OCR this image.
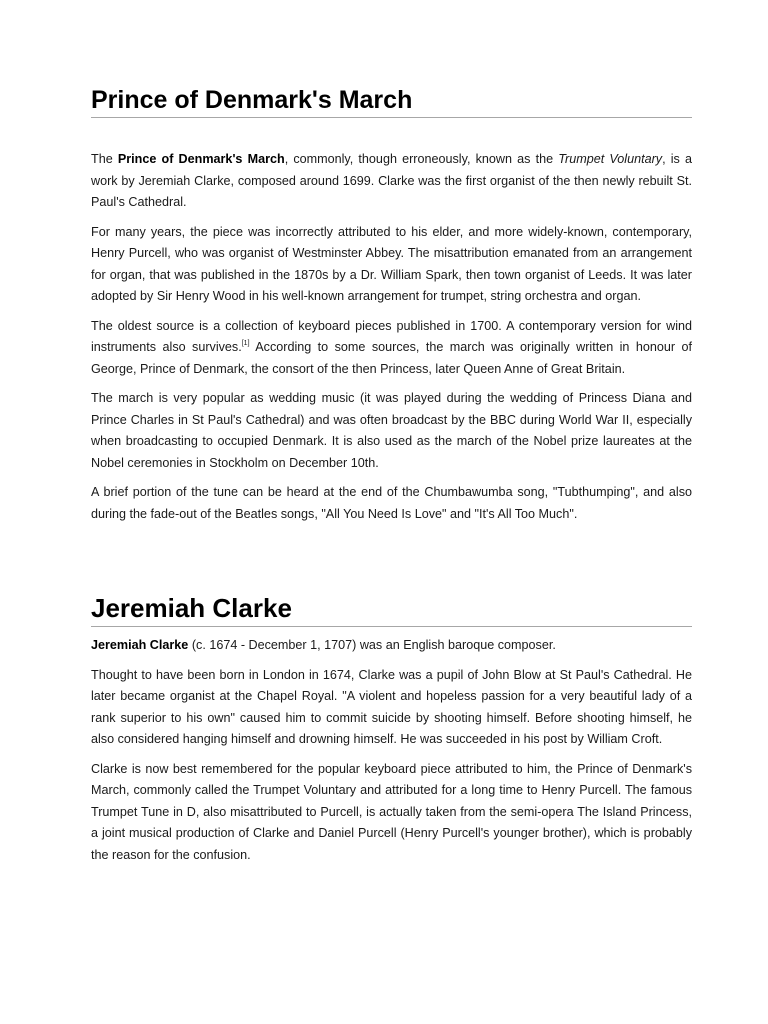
Prince of Denmark's March

The Prince of Denmark's March, commonly, though erroneously, known as the Trumpet Voluntary, is a work by Jeremiah Clarke, composed around 1699. Clarke was the first organist of the then newly rebuilt St. Paul's Cathedral.

For many years, the piece was incorrectly attributed to his elder, and more widely-known, contemporary, Henry Purcell, who was organist of Westminster Abbey. The misattribution emanated from an arrangement for organ, that was published in the 1870s by a Dr. William Spark, then town organist of Leeds. It was later adopted by Sir Henry Wood in his well-known arrangement for trumpet, string orchestra and organ.

The oldest source is a collection of keyboard pieces published in 1700. A contemporary version for wind instruments also survives.[1] According to some sources, the march was originally written in honour of George, Prince of Denmark, the consort of the then Princess, later Queen Anne of Great Britain.

The march is very popular as wedding music (it was played during the wedding of Princess Diana and Prince Charles in St Paul's Cathedral) and was often broadcast by the BBC during World War II, especially when broadcasting to occupied Denmark. It is also used as the march of the Nobel prize laureates at the Nobel ceremonies in Stockholm on December 10th.

A brief portion of the tune can be heard at the end of the Chumbawumba song, "Tubthumping", and also during the fade-out of the Beatles songs, "All You Need Is Love" and "It's All Too Much".

Jeremiah Clarke

Jeremiah Clarke (c. 1674 - December 1, 1707) was an English baroque composer.

Thought to have been born in London in 1674, Clarke was a pupil of John Blow at St Paul's Cathedral. He later became organist at the Chapel Royal. "A violent and hopeless passion for a very beautiful lady of a rank superior to his own" caused him to commit suicide by shooting himself. Before shooting himself, he also considered hanging himself and drowning himself. He was succeeded in his post by William Croft.

Clarke is now best remembered for the popular keyboard piece attributed to him, the Prince of Denmark's March, commonly called the Trumpet Voluntary and attributed for a long time to Henry Purcell. The famous Trumpet Tune in D, also misattributed to Purcell, is actually taken from the semi-opera The Island Princess, a joint musical production of Clarke and Daniel Purcell (Henry Purcell's younger brother), which is probably the reason for the confusion.
